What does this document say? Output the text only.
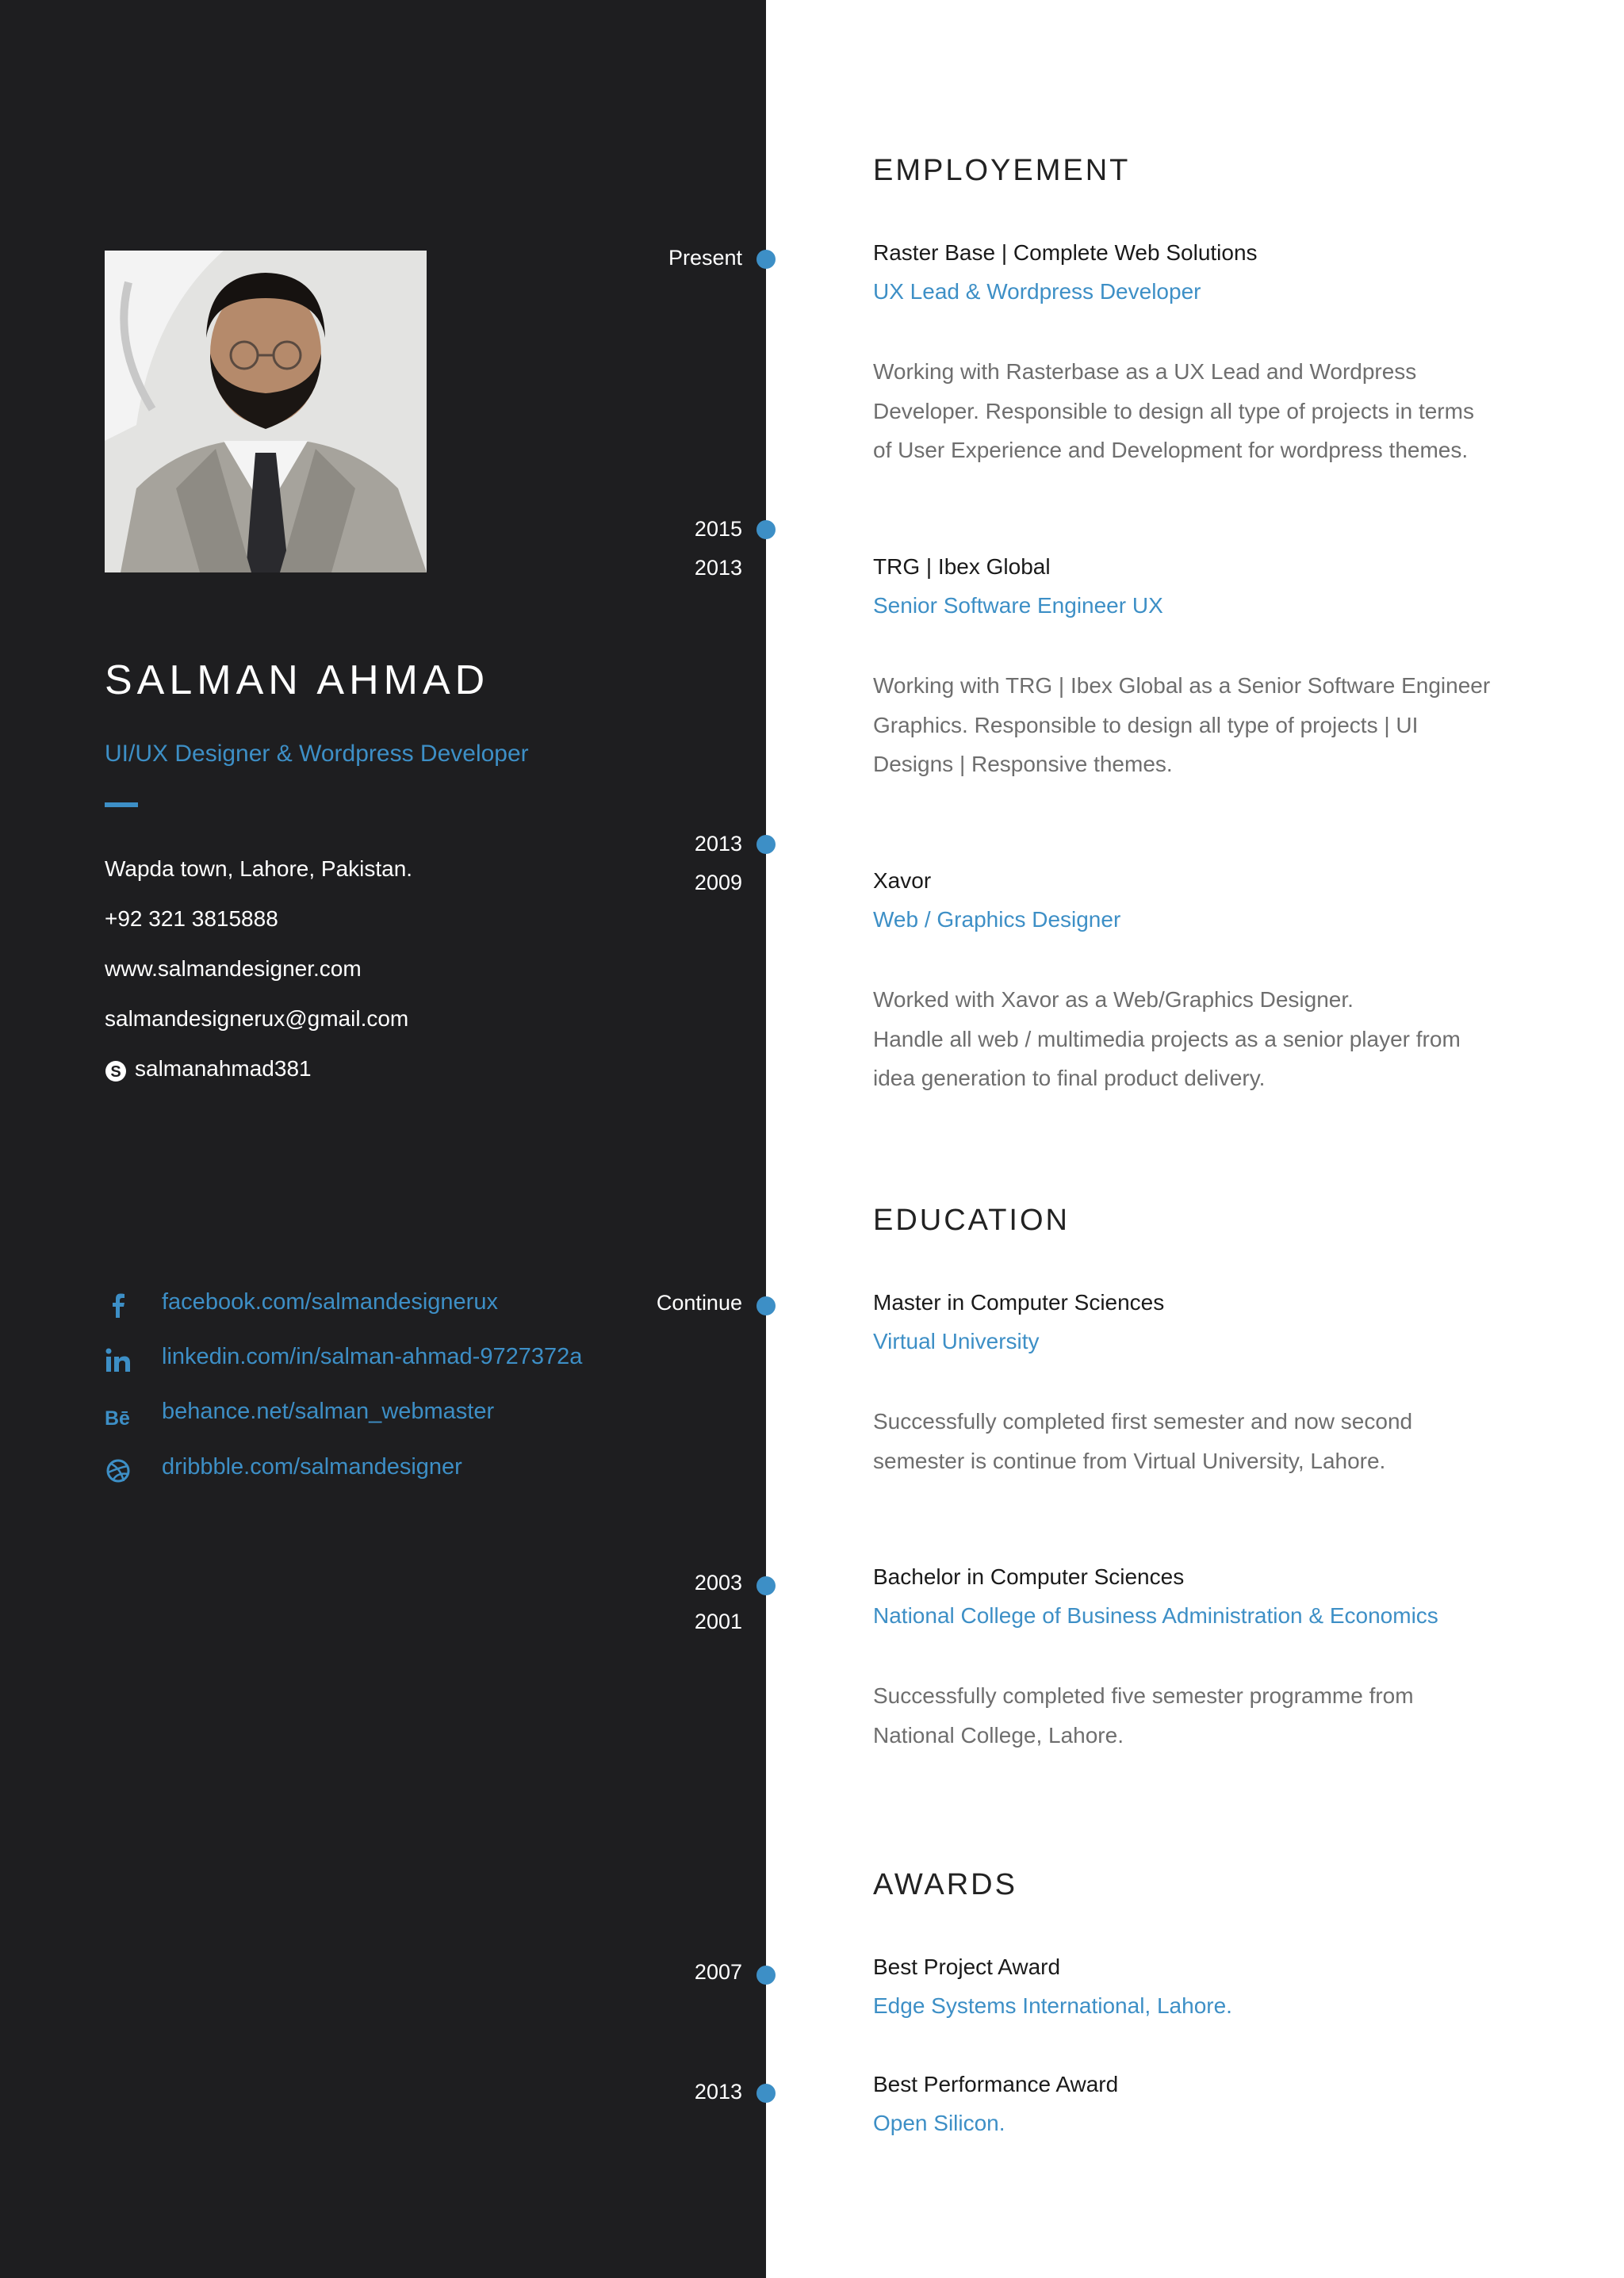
SALMAN AHMAD
UI/UX Designer & Wordpress Developer
Wapda town, Lahore, Pakistan.
+92 321 3815888
www.salmandesigner.com
salmandesignerux@gmail.com
S salmanahmad381
facebook.com/salmandesignerux
linkedin.com/in/salman-ahmad-9727372a
Bē behance.net/salman_webmaster
dribbble.com/salmandesigner
Present
2015
2013
2013
2009
Continue
2003
2001
2007
2013
EMPLOYEMENT
Raster Base | Complete Web Solutions
UX Lead & Wordpress Developer
Working with Rasterbase as a UX Lead and Wordpress
Developer. Responsible to design all type of projects in terms
of User Experience and Development for wordpress themes.
TRG | Ibex Global
Senior Software Engineer UX
Working with TRG | Ibex Global as a Senior Software Engineer
Graphics. Responsible to design all type of projects | UI
Designs | Responsive themes.
Xavor
Web / Graphics Designer
Worked with Xavor as a Web/Graphics Designer.
Handle all web / multimedia projects as a senior player from
idea generation to final product delivery.
EDUCATION
Master in Computer Sciences
Virtual University
Successfully completed first semester and now second
semester is continue from Virtual University, Lahore.
Bachelor in Computer Sciences
National College of Business Administration & Economics
Successfully completed five semester programme from
National College, Lahore.
AWARDS
Best Project Award
Edge Systems International, Lahore.
Best Performance Award
Open Silicon.
